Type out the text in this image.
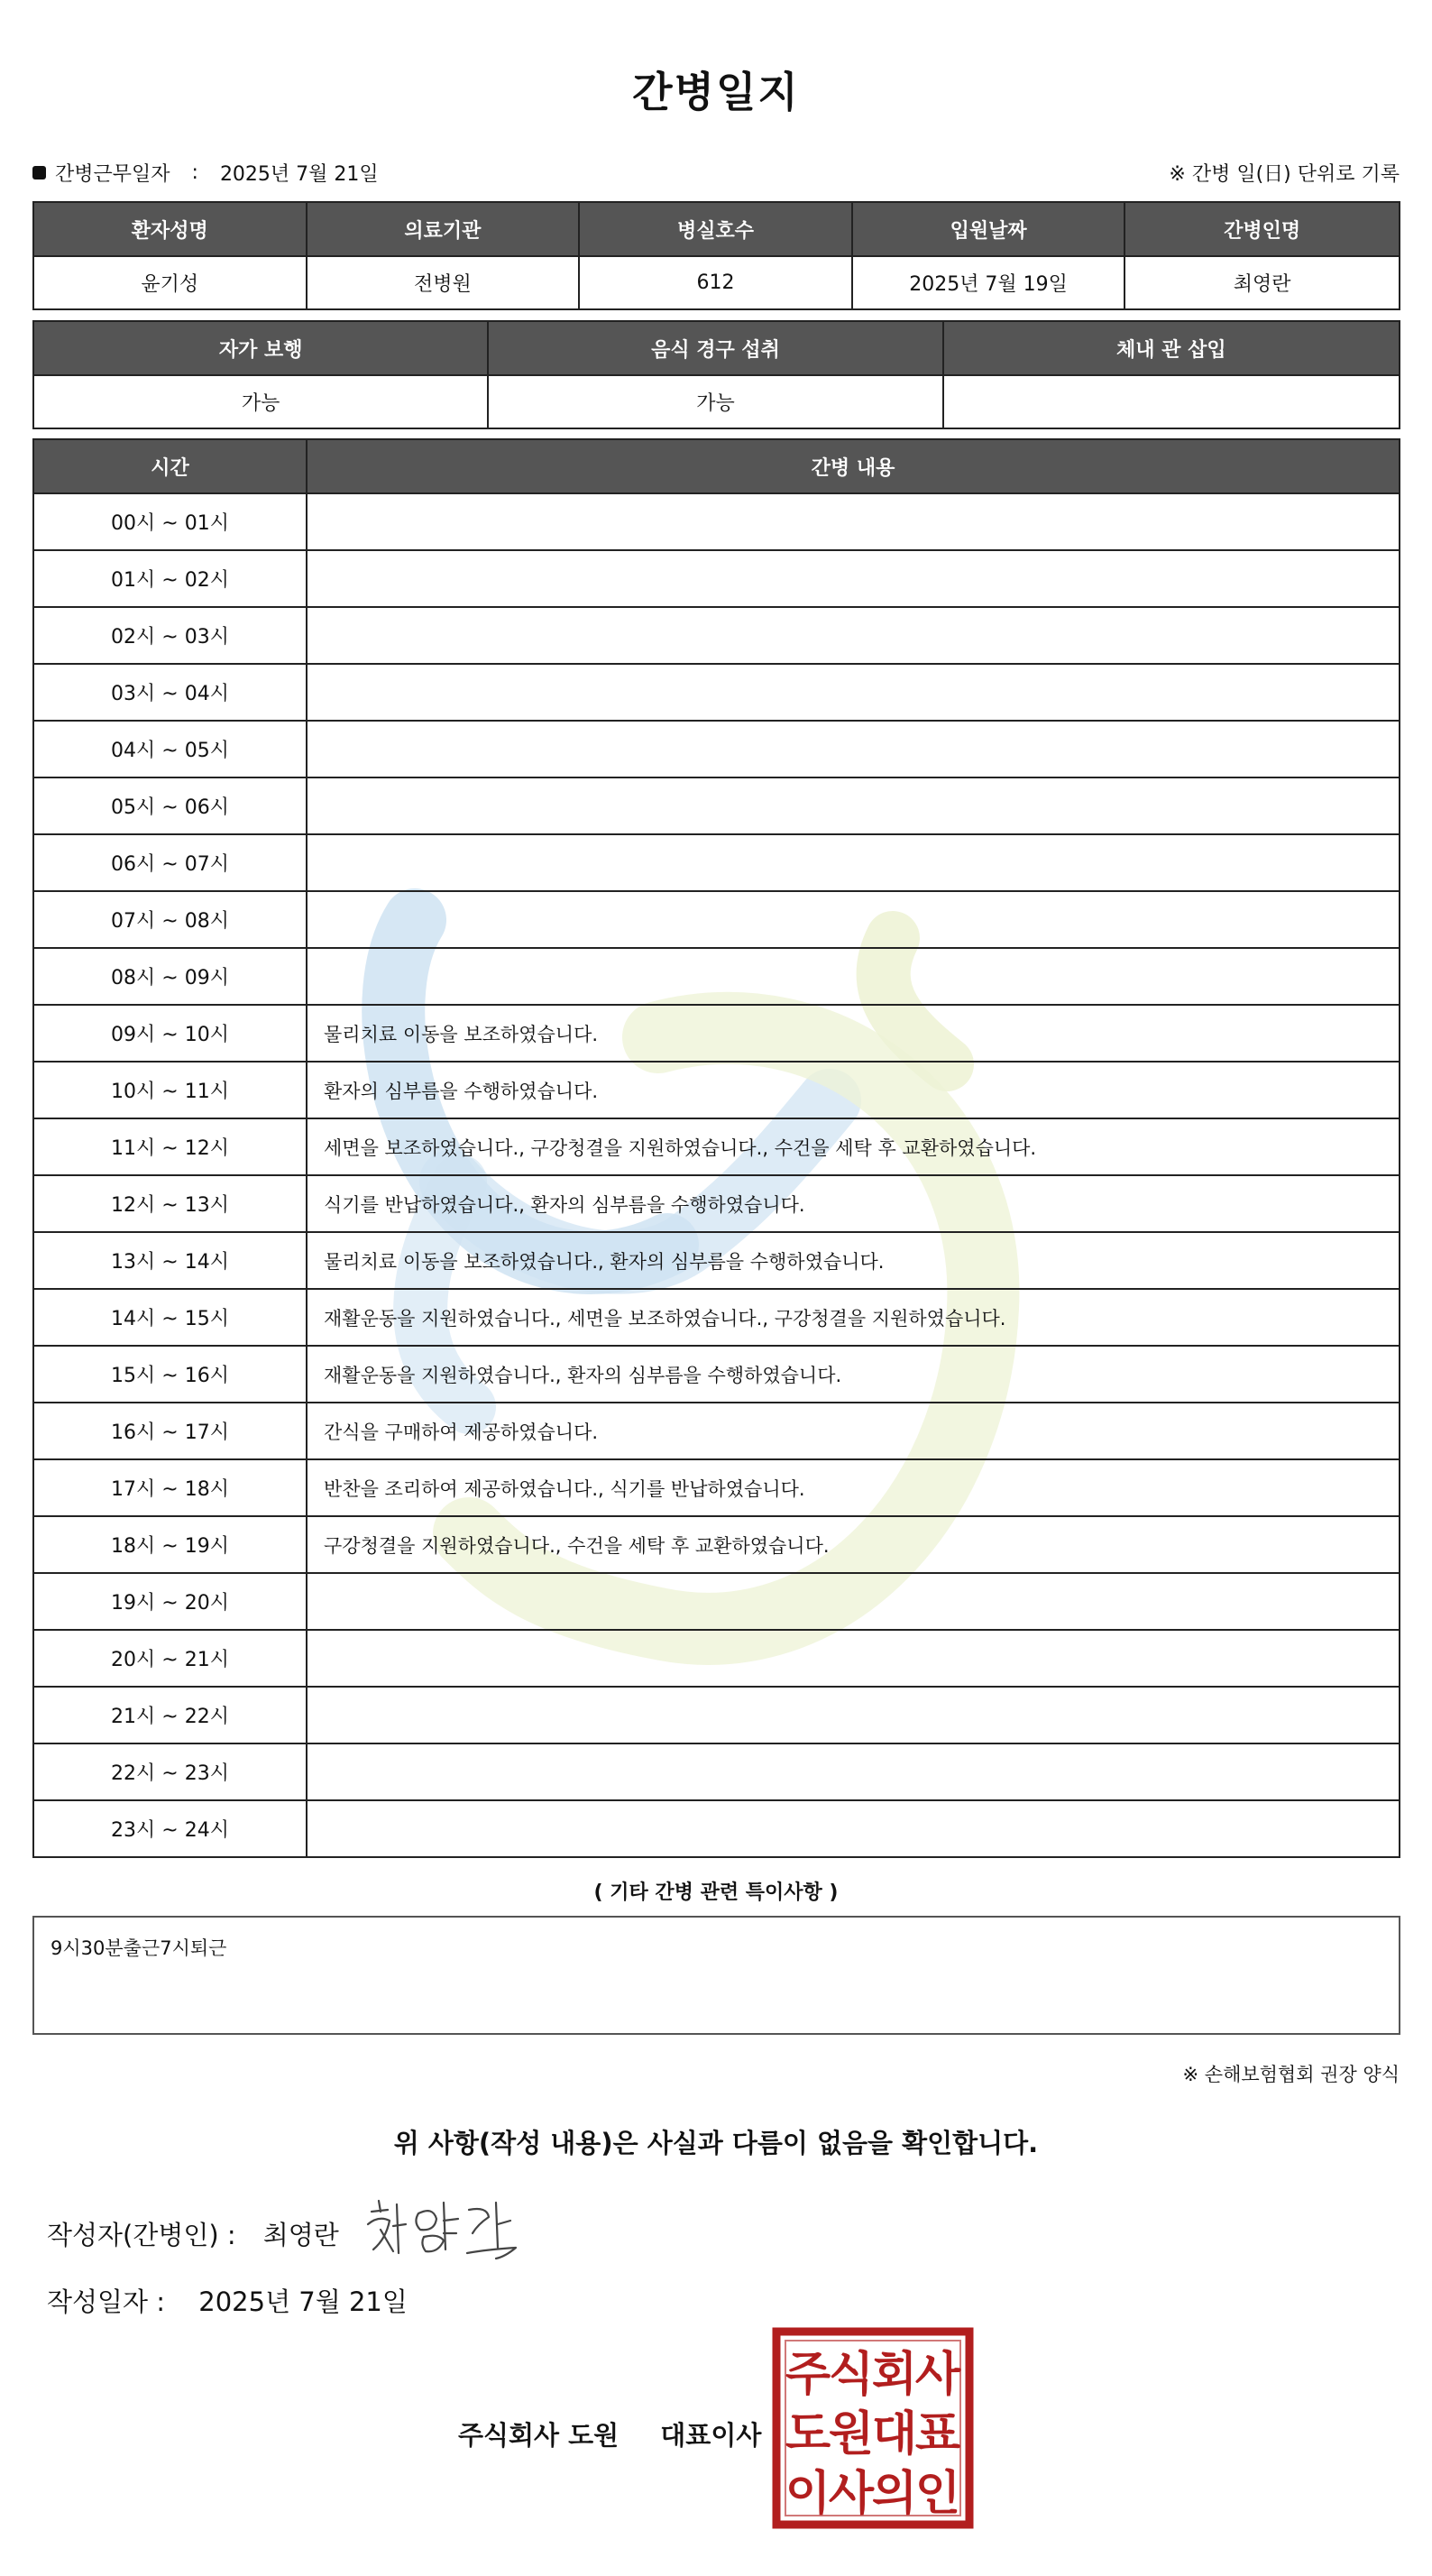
간병일지
간병근무일자 : 2025년 7월 21일	※ 간병 일(日) 단위로 기록
환자성명	의료기관	병실호수	입원날짜	간병인명
윤기성	전병원	612	2025년 7월 19일	최영란
자가 보행	음식 경구 섭취	체내 관 삽입
가능	가능
시간	간병 내용
00시 ~ 01시
01시 ~ 02시
02시 ~ 03시
03시 ~ 04시
04시 ~ 05시
05시 ~ 06시
06시 ~ 07시
07시 ~ 08시
08시 ~ 09시
09시 ~ 10시	물리치료 이동을 보조하였습니다.
10시 ~ 11시	환자의 심부름을 수행하였습니다.
11시 ~ 12시	세면을 보조하였습니다., 구강청결을 지원하였습니다., 수건을 세탁 후 교환하였습니다.
12시 ~ 13시	식기를 반납하였습니다., 환자의 심부름을 수행하였습니다.
13시 ~ 14시	물리치료 이동을 보조하였습니다., 환자의 심부름을 수행하였습니다.
14시 ~ 15시	재활운동을 지원하였습니다., 세면을 보조하였습니다., 구강청결을 지원하였습니다.
15시 ~ 16시	재활운동을 지원하였습니다., 환자의 심부름을 수행하였습니다.
16시 ~ 17시	간식을 구매하여 제공하였습니다.
17시 ~ 18시	반찬을 조리하여 제공하였습니다., 식기를 반납하였습니다.
18시 ~ 19시	구강청결을 지원하였습니다., 수건을 세탁 후 교환하였습니다.
19시 ~ 20시
20시 ~ 21시
21시 ~ 22시
22시 ~ 23시
23시 ~ 24시
( 기타 간병 관련 특이사항 )
9시30분출근7시퇴근
※ 손해보험협회 권장 양식
위 사항(작성 내용)은 사실과 다름이 없음을 확인합니다.
작성자(간병인) : 최영란
작성일자 : 2025년 7월 21일
주식회사 도원 대표이사
주
식
회
사
도
원
대
표
이
사
의
인
